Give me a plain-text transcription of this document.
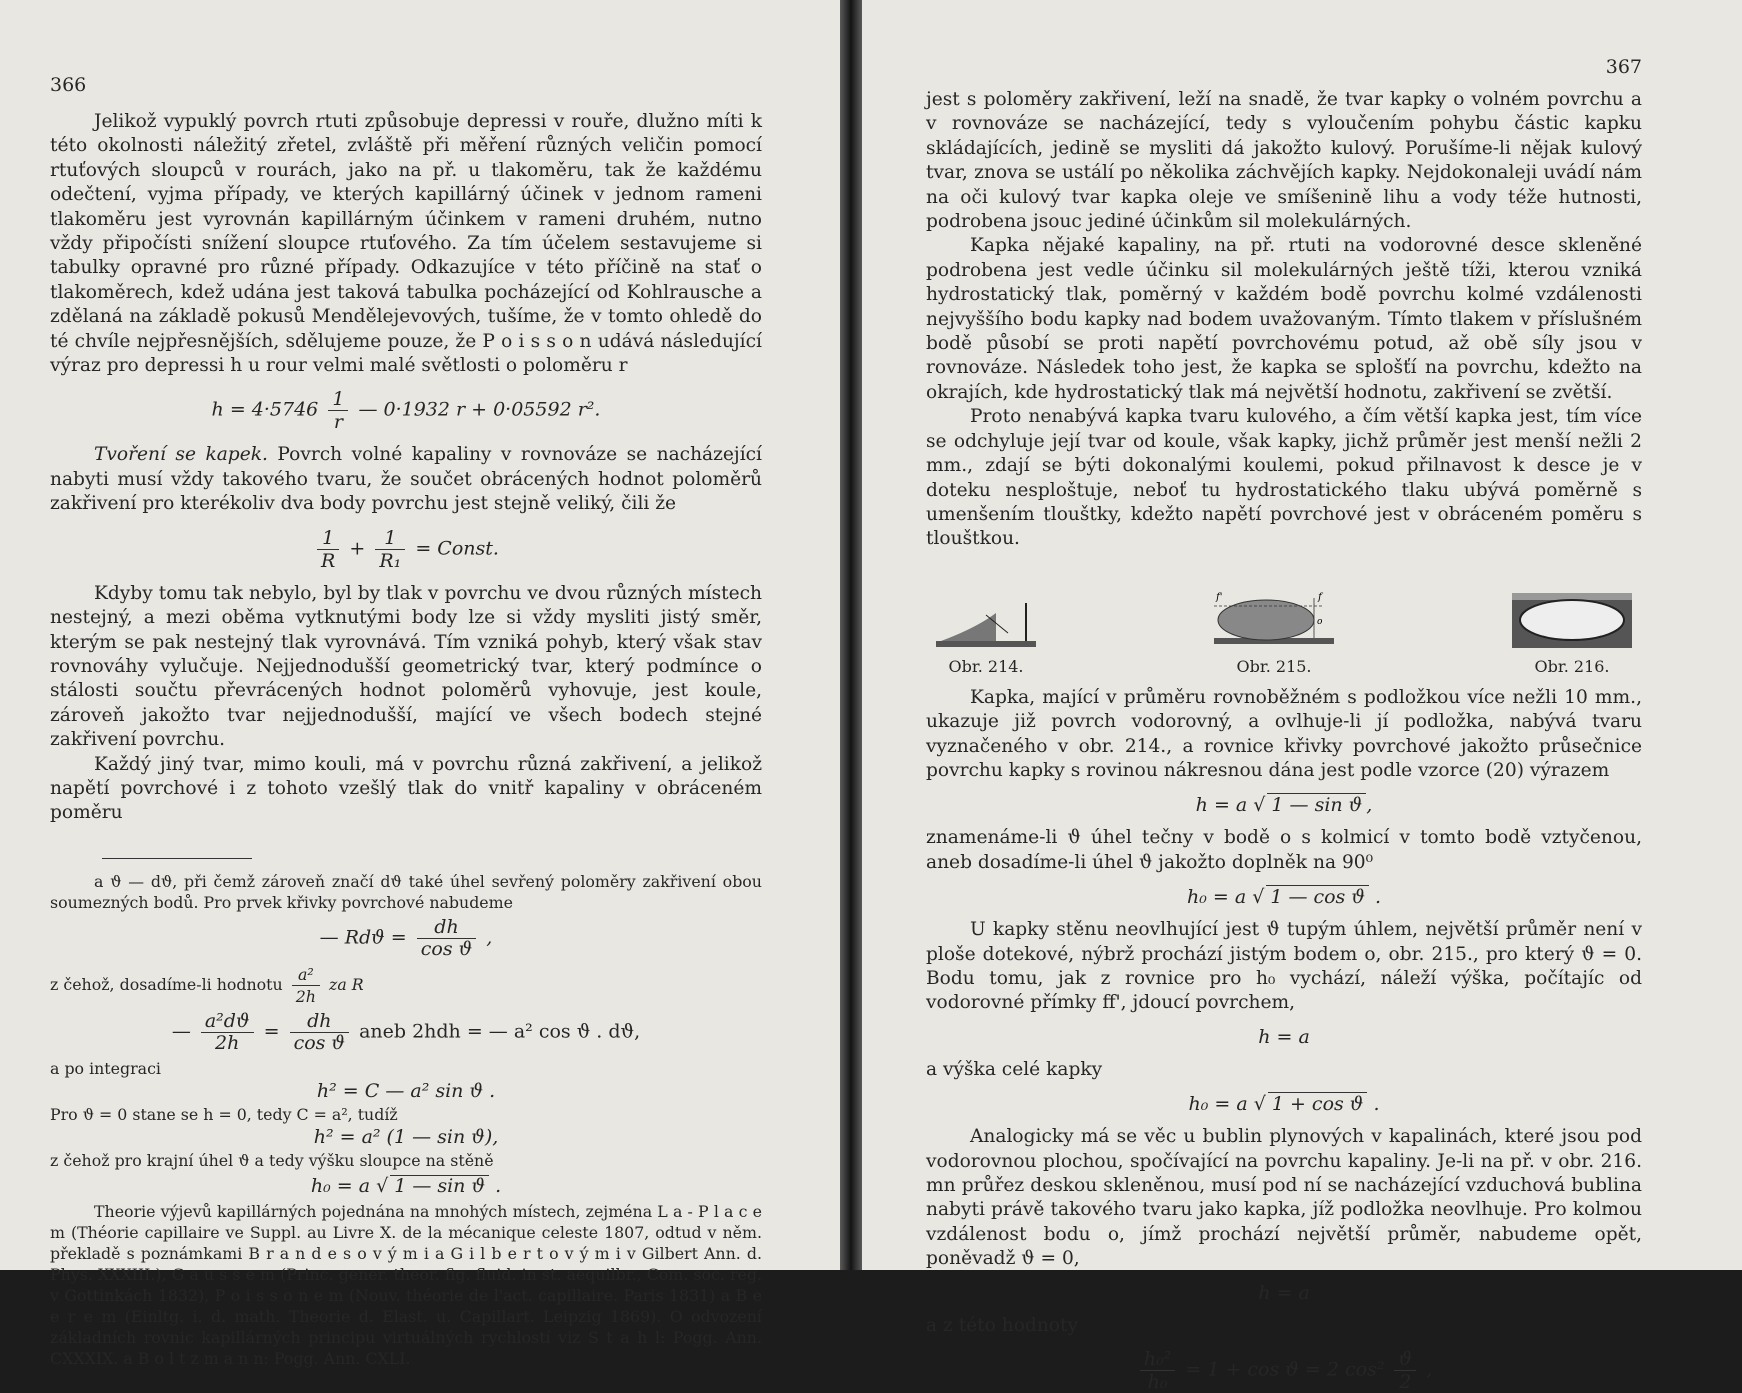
366

Jelikož vypuklý povrch rtuti způsobuje depressi v rouře, dlužno míti k této okolnosti náležitý zřetel, zvláště při měření různých veličin pomocí rtuťových sloupců v rourách, jako na př. u tlakoměru, tak že každému odečtení, vyjma případy, ve kterých kapillárný účinek v jednom rameni tlakoměru jest vyrovnán kapillárným účinkem v rameni druhém, nutno vždy připočísti snížení sloupce rtuťového. Za tím účelem sestavujeme si tabulky opravné pro různé případy. Odkazujíce v této příčině na stať o tlakoměrech, kdež udána jest taková tabulka pocházející od Kohlrausche a zdělaná na základě pokusů Mendělejevových, tušíme, že v tomto ohledě do té chvíle nejpřesnějších, sdělujeme pouze, že P o i s s o n udává následující výraz pro depressi h u rour velmi malé světlosti o poloměru r

$h = 4\cdot 5746 \frac{1}{r}$ — 0·1932 r + 0·05592 r².

Tvoření se kapek. Povrch volné kapaliny v rovnováze se nacházející nabyti musí vždy takového tvaru, že součet obrácených hodnot poloměrů zakřivení pro kterékoliv dva body povrchu jest stejně veliký, čili že

$\frac{1}{R} + \frac{1}{\text{R₁}}$ = Const.

Kdyby tomu tak nebylo, byl by tlak v povrchu ve dvou různých místech nestejný, a mezi oběma vytknutými body lze si vždy mysliti jistý směr, kterým se pak nestejný tlak vyrovnává. Tím vzniká pohyb, který však stav rovnováhy vylučuje. Nejjednodušší geometrický tvar, který podmínce o stálosti součtu převrácených hodnot poloměrů vyhovuje, jest koule, zároveň jakožto tvar nejjednodušší, mající ve všech bodech stejné zakřivení povrchu.

Každý jiný tvar, mimo kouli, má v povrchu různá zakřivení, a jelikož napětí povrchové i z tohoto vzešlý tlak do vnitř kapaliny v obráceném poměru

a ϑ — dϑ, při čemž zároveň značí dϑ také úhel sevřený poloměry zakřivení obou soumezných bodů. Pro prvek křivky povrchové nabudeme

— $Rdϑ = \frac{dh}{\text{cos ϑ}}$ ,

z čehož, dosadíme-li hodnotu $\frac{\text{a²}}{2h}$ za R

— $\frac{\text{a²dϑ}}{2h} = \frac{dh}{\text{cos ϑ}}$ aneb 2hdh = — a² cos ϑ . dϑ,

a po integraci

h² = C — a² sin ϑ .

Pro ϑ = 0 stane se h = 0, tedy C = a², tudíž

h² = a² (1 — sin ϑ),

z čehož pro krajní úhel ϑ a tedy výšku sloupce na stěně

h₀ = a √ 1 — sin ϑ .

Theorie výjevů kapillárných pojednána na mnohých místech, zejména L a - P l a c e m (Théorie capillaire ve Suppl. au Livre X. de la mécanique celeste 1807, odtud v něm. překladě s poznámkami B r a n d e s o v ý m i a G i l b e r t o v ý m i v Gilbert Ann. d. Phys. XXXIII.), G a u s s e m (Princ. gener. theor. fig. fluid. in st. aequilbr., Com. soc. reg. v Gottinkách 1832), P o i s s o n e m (Nouv. théorie de l'act. capillaire. Paris 1831) a B e e r e m (Einltg. i. d. math. Theorie d. Elast. u. Capillart. Leipzig 1869). O odvození základních rovnic kapillárných principu virtuálných rychlostí viz S t a h l: Pogg. Ann. CXXXIX. a B o l t z m a n n: Pogg. Ann. CXLI.

367

jest s poloměry zakřivení, leží na snadě, že tvar kapky o volném povrchu a v rovnováze se nacházející, tedy s vyloučením pohybu částic kapku skládajících, jedině se mysliti dá jakožto kulový. Porušíme-li nějak kulový tvar, znova se ustálí po několika záchvějích kapky. Nejdokonaleji uvádí nám na oči kulový tvar kapka oleje ve smíšenině lihu a vody téže hutnosti, podrobena jsouc jediné účinkům sil molekulárných.

Kapka nějaké kapaliny, na př. rtuti na vodorovné desce skleněné podrobena jest vedle účinku sil molekulárných ještě tíži, kterou vzniká hydrostatický tlak, poměrný v každém bodě povrchu kolmé vzdálenosti nejvyššího bodu kapky nad bodem uvažovaným. Tímto tlakem v příslušném bodě působí se proti napětí povrchovému potud, až obě síly jsou v rovnováze. Následek toho jest, že kapka se splošťí na povrchu, kdežto na okrajích, kde hydrostatický tlak má největší hodnotu, zakřivení se zvětší.

Proto nenabývá kapka tvaru kulového, a čím větší kapka jest, tím více se odchyluje její tvar od koule, však kapky, jichž průměr jest menší nežli 2 mm., zdají se býti dokonalými koulemi, pokud přilnavost k desce je v doteku nesploštuje, neboť tu hydrostatického tlaku ubývá poměrně s umenšením tlouštky, kdežto napětí povrchové jest v obráceném poměru s tlouštkou.

Obr. 214.
f'	f
o
Obr. 215.	Obr. 216.

Kapka, mající v průměru rovnoběžném s podložkou více nežli 10 mm., ukazuje již povrch vodorovný, a ovlhuje-li jí podložka, nabývá tvaru vyznačeného v obr. 214., a rovnice křivky povrchové jakožto průsečnice povrchu kapky s rovinou nákresnou dána jest podle vzorce (20) výrazem

h = a √ 1 — sin ϑ ,

znamenáme-li ϑ úhel tečny v bodě o s kolmicí v tomto bodě vztyčenou, aneb dosadíme-li úhel ϑ jakožto doplněk na 90⁰

h₀ = a √ 1 — cos ϑ .

U kapky stěnu neovlhující jest ϑ tupým úhlem, největší průměr není v ploše dotekové, nýbrž prochází jistým bodem o, obr. 215., pro který ϑ = 0. Bodu tomu, jak z rovnice pro h₀ vychází, náleží výška, počítajíc od vodorovné přímky ff', jdoucí povrchem,

h = a

a výška celé kapky

h₀ = a √ 1 + cos ϑ .

Analogicky má se věc u bublin plynových v kapalinách, které jsou pod vodorovnou plochou, spočívající na povrchu kapaliny. Je-li na př. v obr. 216. mn průřez deskou skleněnou, musí pod ní se nacházející vzduchová bublina nabyti právě takového tvaru jako kapka, jíž podložka neovlhuje. Pro kolmou vzdálenost bodu o, jímž prochází největší průměr, nabudeme opět, poněvadž ϑ = 0,

h = a

a z této hodnoty

$\frac{\text{h₀²}}{\text{h₀}} = 1 + \cos ϑ = 2$ $\cos^2 \frac{ϑ}{2}$ ,
